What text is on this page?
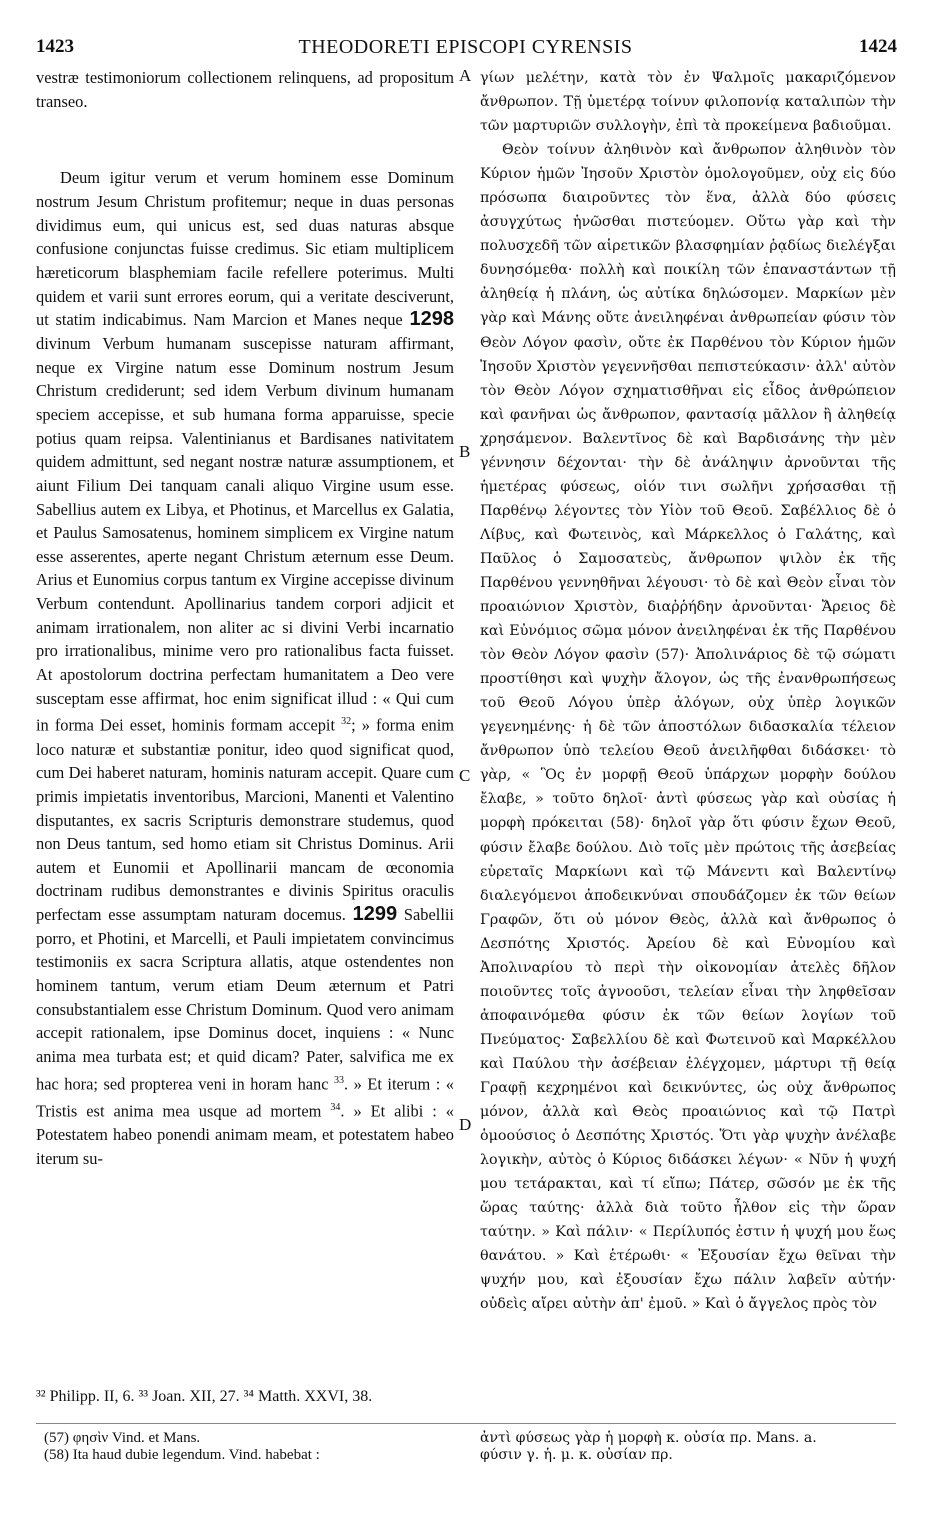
1423	THEODORETI EPISCOPI CYRENSIS	1424

vestræ testimoniorum collectionem relinquens, ad propositum transeo.

Deum igitur verum et verum hominem esse Dominum nostrum Jesum Christum profitemur; neque in duas personas dividimus eum, qui unicus est, sed duas naturas absque confusione conjunctas fuisse credimus. Sic etiam multiplicem hæreticorum blasphemiam facile refellere poterimus. Multi quidem et varii sunt errores eorum, qui a veritate desciverunt, ut statim indicabimus. Nam Marcion et Manes neque 1298 divinum Verbum humanam suscepisse naturam affirmant, neque ex Virgine natum esse Dominum nostrum Jesum Christum crediderunt; sed idem Verbum divinum humanam speciem accepisse, et sub humana forma apparuisse, specie potius quam reipsa. Valentinianus et Bardisanes nativitatem quidem admittunt, sed negant nostræ naturæ assumptionem, et aiunt Filium Dei tanquam canali aliquo Virgine usum esse. Sabellius autem ex Libya, et Photinus, et Marcellus ex Galatia, et Paulus Samosatenus, hominem simplicem ex Virgine natum esse asserentes, aperte negant Christum æternum esse Deum. Arius et Eunomius corpus tantum ex Virgine accepisse divinum Verbum contendunt. Apollinarius tandem corpori adjicit et animam irrationalem, non aliter ac si divini Verbi incarnatio pro irrationalibus, minime vero pro rationalibus facta fuisset. At apostolorum doctrina perfectam humanitatem a Deo vere susceptam esse affirmat, hoc enim significat illud : « Qui cum in forma Dei esset, hominis formam accepit $^{32}$; » forma enim loco naturæ et substantiæ ponitur, ideo quod significat quod, cum Dei haberet naturam, hominis naturam accepit. Quare cum primis impietatis inventoribus, Marcioni, Manenti et Valentino disputantes, ex sacris Scripturis demonstrare studemus, quod non Deus tantum, sed homo etiam sit Christus Dominus. Arii autem et Eunomii et Apollinarii mancam de œconomia doctrinam rudibus demonstrantes e divinis Spiritus oraculis perfectam esse assumptam naturam docemus. 1299 Sabellii porro, et Photini, et Marcelli, et Pauli impietatem convincimus testimoniis ex sacra Scriptura allatis, atque ostendentes non hominem tantum, verum etiam Deum æternum et Patri consubstantialem esse Christum Dominum. Quod vero animam accepit rationalem, ipse Dominus docet, inquiens : « Nunc anima mea turbata est; et quid dicam? Pater, salvifica me ex hac hora; sed propterea veni in horam hanc $^{33}$. » Et iterum : « Tristis est anima mea usque ad mortem $^{34}$. » Et alibi : « Potestatem habeo ponendi animam meam, et potestatem habeo iterum su-

A
B
C
D

γίων μελέτην, κατὰ τὸν ἐν Ψαλμοῖς μακαριζόμενον ἄνθρωπον. Τῇ ὑμετέρᾳ τοίνυν φιλοπονίᾳ καταλιπὼν τὴν τῶν μαρτυριῶν συλλογὴν, ἐπὶ τὰ προκείμενα βαδιοῦμαι.

Θεὸν τοίνυν ἀληθινὸν καὶ ἄνθρωπον ἀληθινὸν τὸν Κύριον ἡμῶν Ἰησοῦν Χριστὸν ὁμολογοῦμεν, οὐχ εἰς δύο πρόσωπα διαιροῦντες τὸν ἕνα, ἀλλὰ δύο φύσεις ἀσυγχύτως ἡνῶσθαι πιστεύομεν. Οὕτω γὰρ καὶ τὴν πολυσχεδῆ τῶν αἱρετικῶν βλασφημίαν ῥᾳδίως διελέγξαι δυνησόμεθα· πολλὴ καὶ ποικίλη τῶν ἐπαναστάντων τῇ ἀληθείᾳ ἡ πλάνη, ὡς αὐτίκα δηλώσομεν. Μαρκίων μὲν γὰρ καὶ Μάνης οὔτε ἀνειληφέναι ἀνθρωπείαν φύσιν τὸν Θεὸν Λόγον φασὶν, οὔτε ἐκ Παρθένου τὸν Κύριον ἡμῶν Ἰησοῦν Χριστὸν γεγεννῆσθαι πεπιστεύκασιν· ἀλλ' αὐτὸν τὸν Θεὸν Λόγον σχηματισθῆναι εἰς εἶδος ἀνθρώπειον καὶ φανῆναι ὡς ἄνθρωπον, φαντασίᾳ μᾶλλον ἢ ἀληθείᾳ χρησάμενον. Βαλεντῖνος δὲ καὶ Βαρδισάνης τὴν μὲν γέννησιν δέχονται· τὴν δὲ ἀνάληψιν ἀρνοῦνται τῆς ἡμετέρας φύσεως, οἱόν τινι σωλῆνι χρήσασθαι τῇ Παρθένῳ λέγοντες τὸν Υἱὸν τοῦ Θεοῦ. Σαβέλλιος δὲ ὁ Λίβυς, καὶ Φωτεινὸς, καὶ Μάρκελλος ὁ Γαλάτης, καὶ Παῦλος ὁ Σαμοσατεὺς, ἄνθρωπον ψιλὸν ἐκ τῆς Παρθένου γεννηθῆναι λέγουσι· τὸ δὲ καὶ Θεὸν εἶναι τὸν προαιώνιον Χριστὸν, διαῤῥήδην ἀρνοῦνται· Ἄρειος δὲ καὶ Εὐνόμιος σῶμα μόνον ἀνειληφέναι ἐκ τῆς Παρθένου τὸν Θεὸν Λόγον φασὶν (57)· Ἀπολινάριος δὲ τῷ σώματι προστίθησι καὶ ψυχὴν ἄλογον, ὡς τῆς ἐνανθρωπήσεως τοῦ Θεοῦ Λόγου ὑπὲρ ἀλόγων, οὐχ ὑπὲρ λογικῶν γεγενημένης· ἡ δὲ τῶν ἀποστόλων διδασκαλία τέλειον ἄνθρωπον ὑπὸ τελείου Θεοῦ ἀνειλῆφθαι διδάσκει· τὸ γὰρ, « Ὃς ἐν μορφῇ Θεοῦ ὑπάρχων μορφὴν δούλου ἔλαβε, » τοῦτο δηλοῖ· ἀντὶ φύσεως γὰρ καὶ οὐσίας ἡ μορφὴ πρόκειται (58)· δηλοῖ γὰρ ὅτι φύσιν ἔχων Θεοῦ, φύσιν ἔλαβε δούλου. Διὸ τοῖς μὲν πρώτοις τῆς ἀσεβείας εὑρεταῖς Μαρκίωνι καὶ τῷ Μάνεντι καὶ Βαλεντίνῳ διαλεγόμενοι ἀποδεικνύναι σπουδάζομεν ἐκ τῶν θείων Γραφῶν, ὅτι οὐ μόνον Θεὸς, ἀλλὰ καὶ ἄνθρωπος ὁ Δεσπότης Χριστός. Ἀρείου δὲ καὶ Εὐνομίου καὶ Ἀπολιναρίου τὸ περὶ τὴν οἰκονομίαν ἀτελὲς δῆλον ποιοῦντες τοῖς ἀγνοοῦσι, τελείαν εἶναι τὴν ληφθεῖσαν ἀποφαινόμεθα φύσιν ἐκ τῶν θείων λογίων τοῦ Πνεύματος· Σαβελλίου δὲ καὶ Φωτεινοῦ καὶ Μαρκέλλου καὶ Παύλου τὴν ἀσέβειαν ἐλέγχομεν, μάρτυρι τῇ θείᾳ Γραφῇ κεχρημένοι καὶ δεικνύντες, ὡς οὐχ ἄνθρωπος μόνον, ἀλλὰ καὶ Θεὸς προαιώνιος καὶ τῷ Πατρὶ ὁμοούσιος ὁ Δεσπότης Χριστός. Ὅτι γὰρ ψυχὴν ἀνέλαβε λογικὴν, αὐτὸς ὁ Κύριος διδάσκει λέγων· « Νῦν ἡ ψυχή μου τετάρακται, καὶ τί εἴπω; Πάτερ, σῶσόν με ἐκ τῆς ὥρας ταύτης· ἀλλὰ διὰ τοῦτο ἦλθον εἰς τὴν ὥραν ταύτην. » Καὶ πάλιν· « Περίλυπός ἐστιν ἡ ψυχή μου ἕως θανάτου. » Καὶ ἑτέρωθι· « Ἐξουσίαν ἔχω θεῖναι τὴν ψυχήν μου, καὶ ἐξουσίαν ἔχω πάλιν λαβεῖν αὐτήν· οὐδεὶς αἴρει αὐτὴν ἀπ' ἐμοῦ. » Καὶ ὁ ἄγγελος πρὸς τὸν

³² Philipp. II, 6. ³³ Joan. XII, 27. ³⁴ Matth. XXVI, 38.
(57) φησὶν Vind. et Mans.
(58) Ita haud dubie legendum. Vind. habebat :
ἀντὶ φύσεως γὰρ ἡ μορφὴ κ. οὐσία πρ. Mans. a.
φύσιν γ. ἡ. μ. κ. οὐσίαν πρ.
